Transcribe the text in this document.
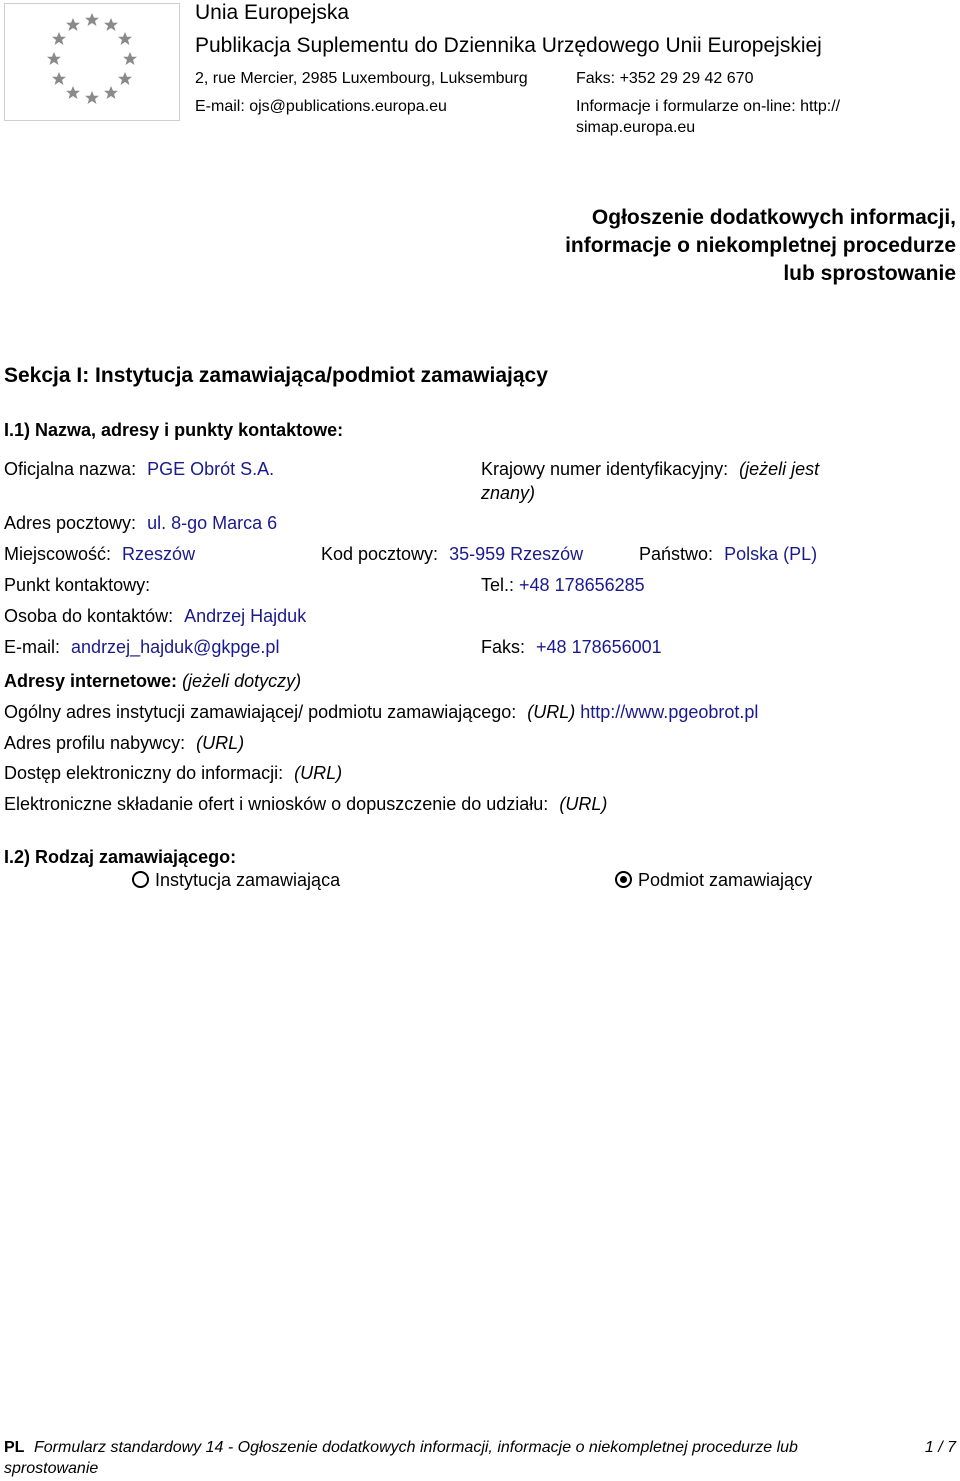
Unia Europejska
Publikacja Suplementu do Dziennika Urzędowego Unii Europejskiej
2, rue Mercier, 2985 Luxembourg, Luksemburg	Faks: +352 29 29 42 670
E-mail: ojs@publications.europa.eu	Informacje i formularze on-line: http://
simap.europa.eu
Ogłoszenie dodatkowych informacji, informacje o niekompletnej procedurze lub sprostowanie
Sekcja I: Instytucja zamawiająca/podmiot zamawiający
I.1) Nazwa, adresy i punkty kontaktowe:
Oficjalna nazwa: PGE Obrót S.A.	Krajowy numer identyfikacyjny: (jeżeli jest
znany)
Adres pocztowy: ul. 8-go Marca 6
Miejscowość: Rzeszów	Kod pocztowy: 35-959 Rzeszów	Państwo: Polska (PL)
Punkt kontaktowy:	Tel.: +48 178656285
Osoba do kontaktów: Andrzej Hajduk
E-mail: andrzej_hajduk@gkpge.pl	Faks: +48 178656001
Adresy internetowe: (jeżeli dotyczy)
Ogólny adres instytucji zamawiającej/ podmiotu zamawiającego: (URL) http://www.pgeobrot.pl
Adres profilu nabywcy: (URL)
Dostęp elektroniczny do informacji: (URL)
Elektroniczne składanie ofert i wniosków o dopuszczenie do udziału: (URL)
I.2) Rodzaj zamawiającego:
Instytucja zamawiająca	Podmiot zamawiający
PL Formularz standardowy 14 - Ogłoszenie dodatkowych informacji, informacje o niekompletnej procedurze lub
sprostowanie
1 / 7
